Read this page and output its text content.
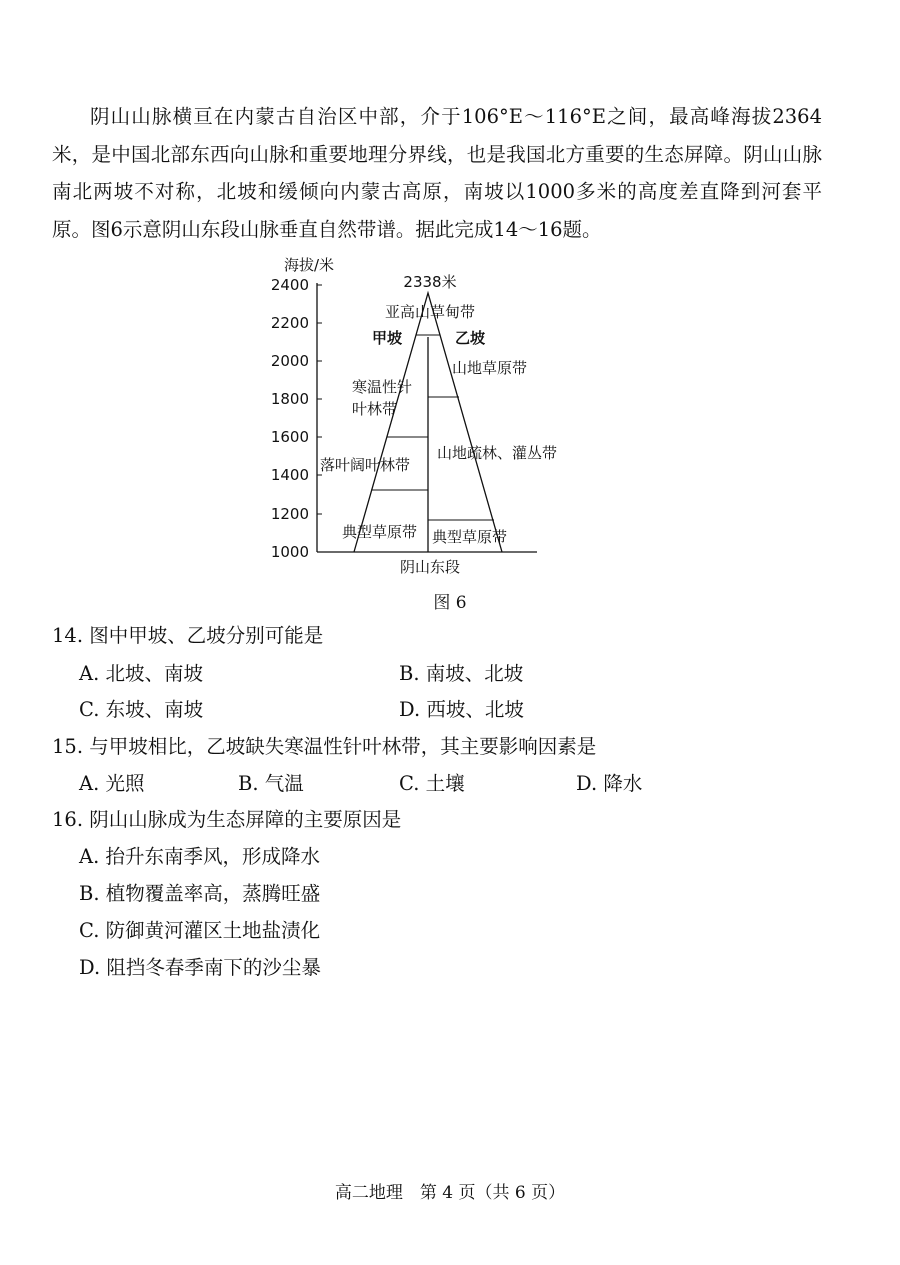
阴山山脉横亘在内蒙古自治区中部，介于106°E～116°E之间，最高峰海拔2364米，是中国北部东西向山脉和重要地理分界线，也是我国北方重要的生态屏障。阴山山脉南北两坡不对称，北坡和缓倾向内蒙古高原，南坡以1000多米的高度差直降到河套平原。图6示意阴山东段山脉垂直自然带谱。据此完成14～16题。

海拔/米
2400
2200
2000
1800
1600
1400
1200
1000
2338米
亚高山草甸带
甲坡	乙坡
山地草原带
寒温性针
叶林带
落叶阔叶林带
山地疏林、灌丛带
典型草原带 典型草原带
阴山东段
图 6
14. 图中甲坡、乙坡分别可能是
A. 北坡、南坡	B. 南坡、北坡
C. 东坡、南坡	D. 西坡、北坡
15. 与甲坡相比，乙坡缺失寒温性针叶林带，其主要影响因素是
A. 光照	B. 气温	C. 土壤	D. 降水
16. 阴山山脉成为生态屏障的主要原因是
A. 抬升东南季风，形成降水
B. 植物覆盖率高，蒸腾旺盛
C. 防御黄河灌区土地盐渍化
D. 阻挡冬春季南下的沙尘暴
高二地理　第 4 页（共 6 页）
